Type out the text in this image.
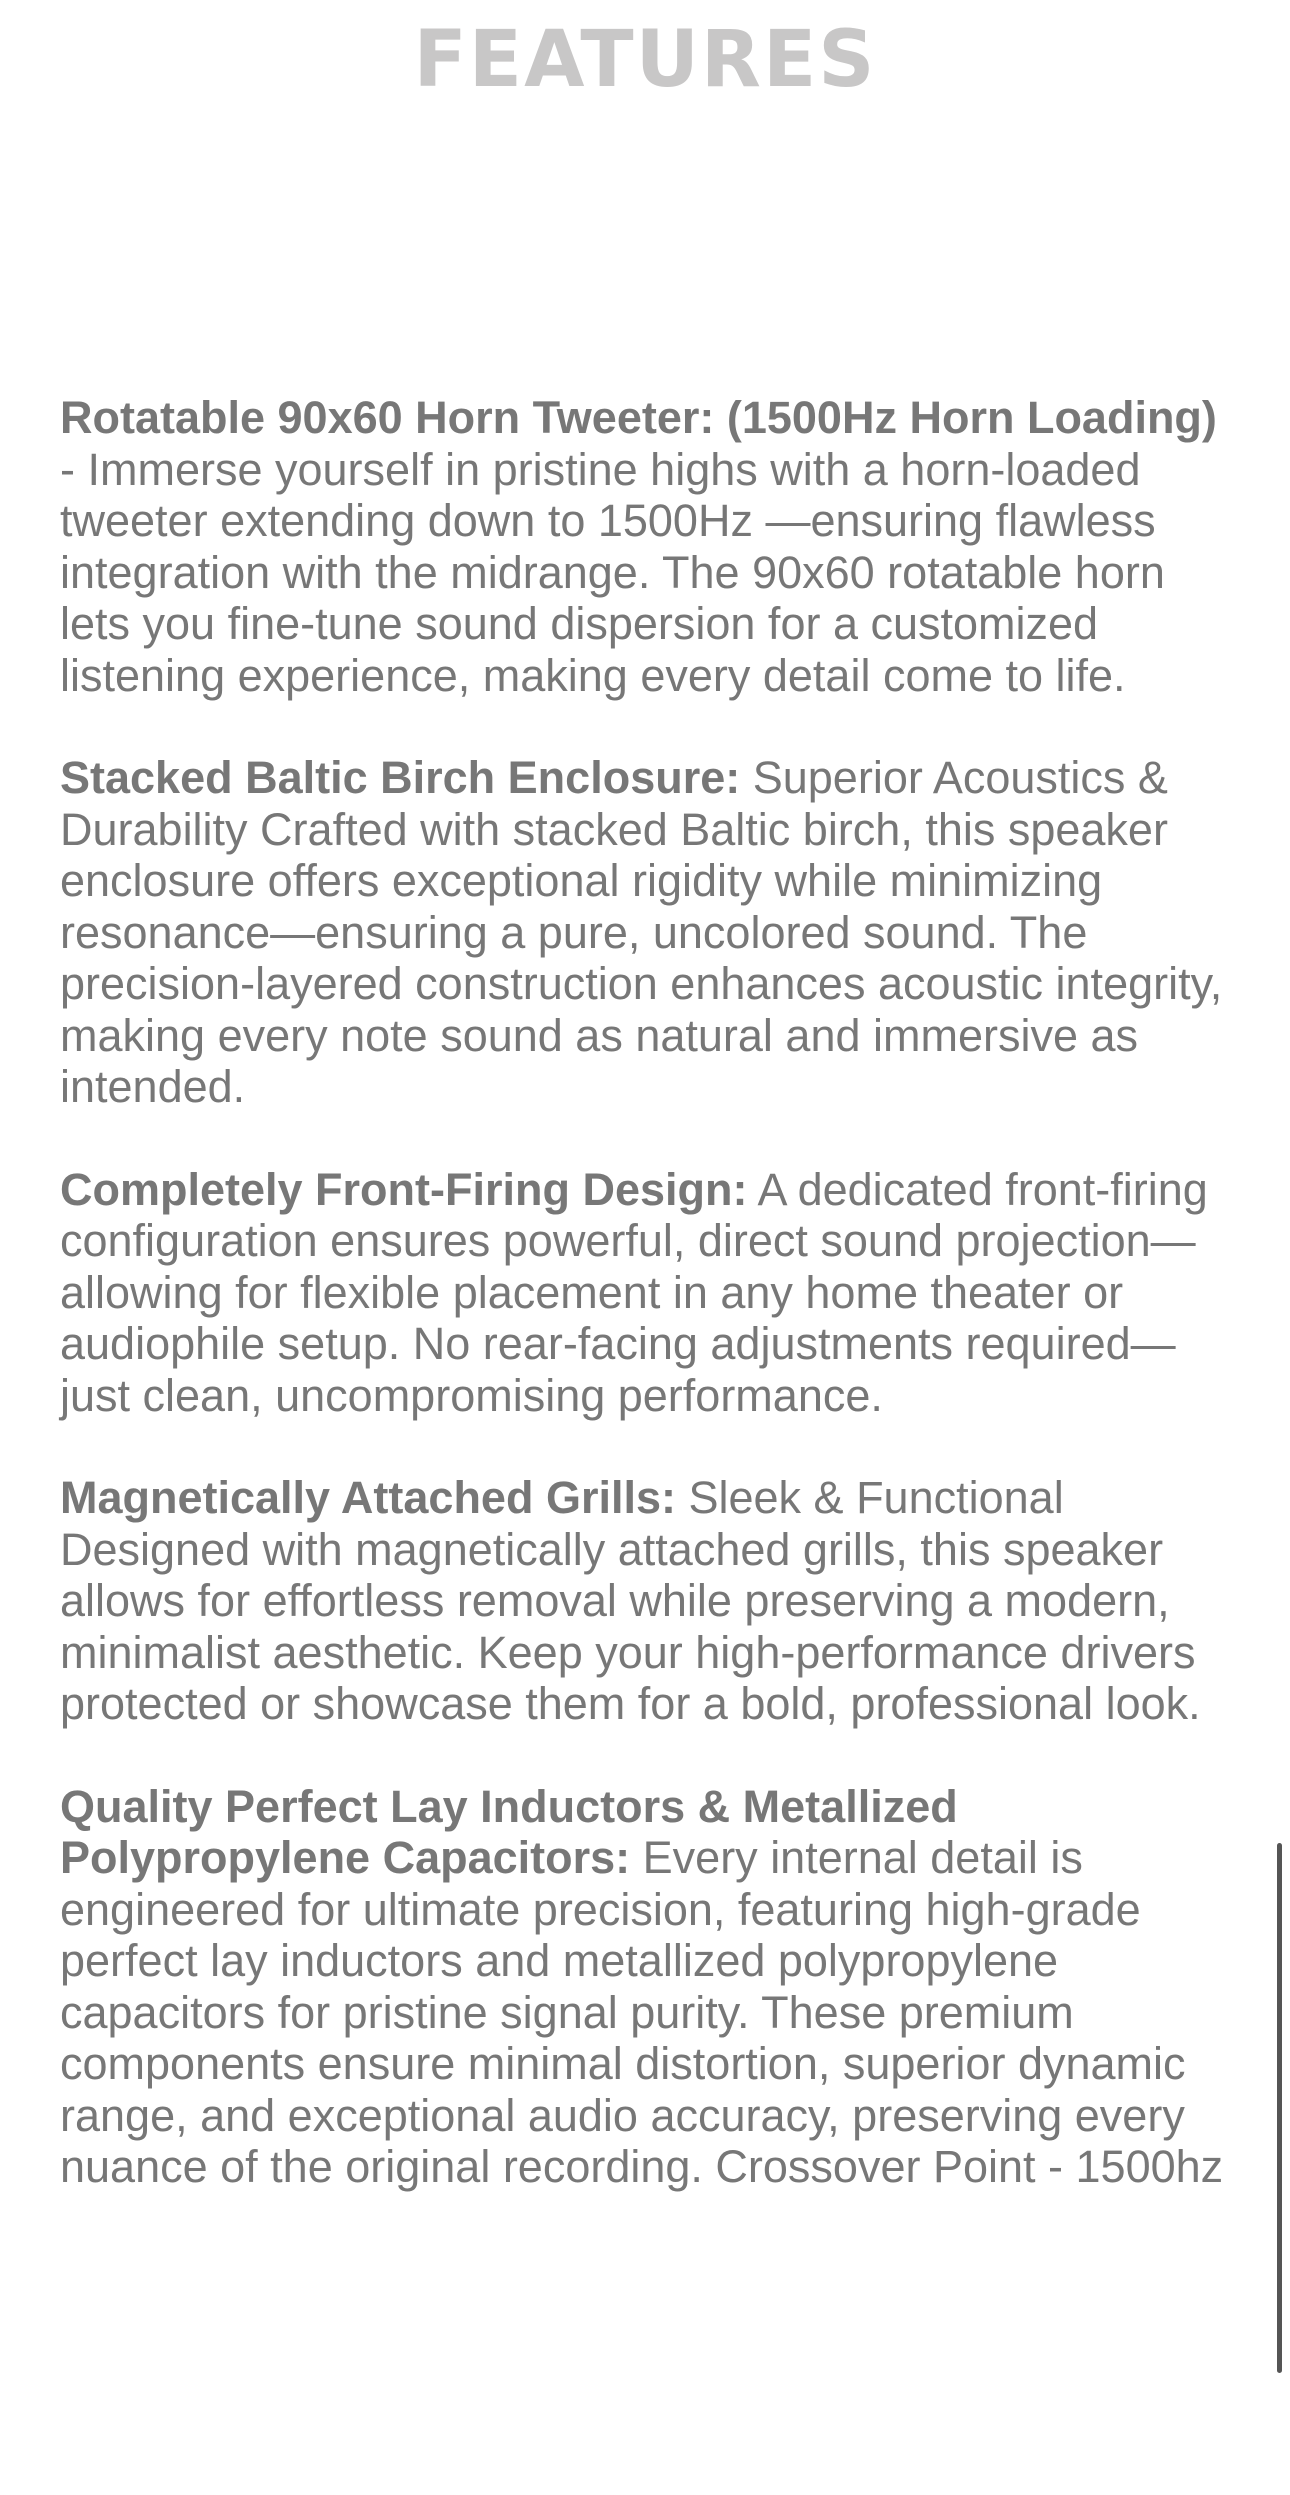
FEATURES

Rotatable 90x60 Horn Tweeter: (1500Hz Horn Loading) - Immerse yourself in pristine highs with a horn-loaded tweeter extending down to 1500Hz —ensuring flawless integration with the midrange. The 90x60 rotatable horn lets you fine-tune sound dispersion for a customized listening experience, making every detail come to life.

Stacked Baltic Birch Enclosure: Superior Acoustics & Durability Crafted with stacked Baltic birch, this speaker enclosure offers exceptional rigidity while minimizing resonance—ensuring a pure, uncolored sound. The precision-layered construction enhances acoustic integrity, making every note sound as natural and immersive as intended.

Completely Front-Firing Design: A dedicated front-firing configuration ensures powerful, direct sound projection—allowing for flexible placement in any home theater or audiophile setup. No rear-facing adjustments required—just clean, uncompromising performance.

Magnetically Attached Grills: Sleek & Functional Designed with magnetically attached grills, this speaker allows for effortless removal while preserving a modern, minimalist aesthetic. Keep your high-performance drivers protected or showcase them for a bold, professional look.

Quality Perfect Lay Inductors & Metallized Polypropylene Capacitors: Every internal detail is engineered for ultimate precision, featuring high-grade perfect lay inductors and metallized polypropylene capacitors for pristine signal purity. These premium components ensure minimal distortion, superior dynamic range, and exceptional audio accuracy, preserving every nuance of the original recording. Crossover Point - 1500hz
